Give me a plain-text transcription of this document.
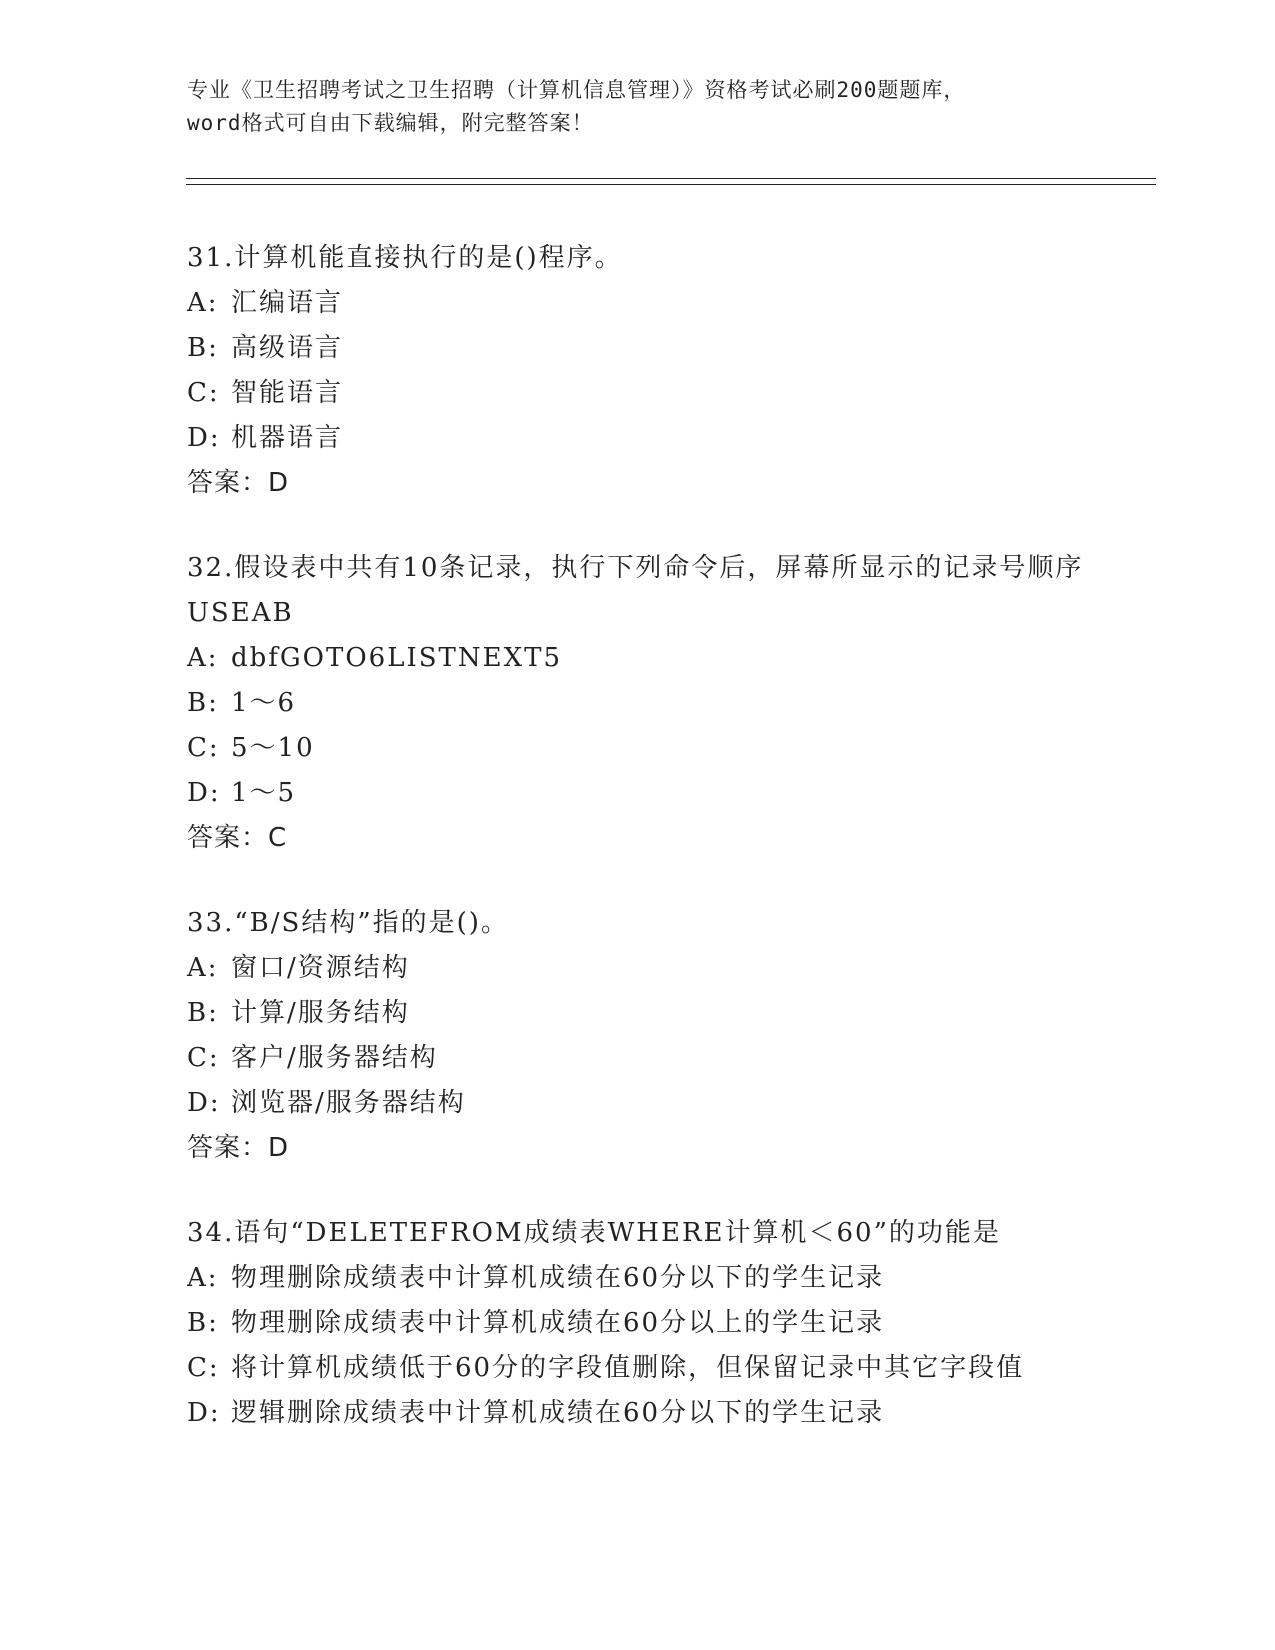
专业《卫生招聘考试之卫生招聘（计算机信息管理）》资格考试必刷200题题库，
word格式可自由下载编辑，附完整答案！

31.计算机能直接执行的是()程序。

A: 汇编语言

B: 高级语言

C: 智能语言

D: 机器语言

答案：D

32.假设表中共有10条记录，执行下列命令后，屏幕所显示的记录号顺序USEAB

A: dbfGOTO6LISTNEXT5

B: 1～6

C: 5～10

D: 1～5

答案：C

33.“B/S结构”指的是()。

A: 窗口/资源结构

B: 计算/服务结构

C: 客户/服务器结构

D: 浏览器/服务器结构

答案：D

34.语句“DELETEFROM成绩表WHERE计算机＜60”的功能是

A: 物理删除成绩表中计算机成绩在60分以下的学生记录

B: 物理删除成绩表中计算机成绩在60分以上的学生记录

C: 将计算机成绩低于60分的字段值删除，但保留记录中其它字段值

D: 逻辑删除成绩表中计算机成绩在60分以下的学生记录
